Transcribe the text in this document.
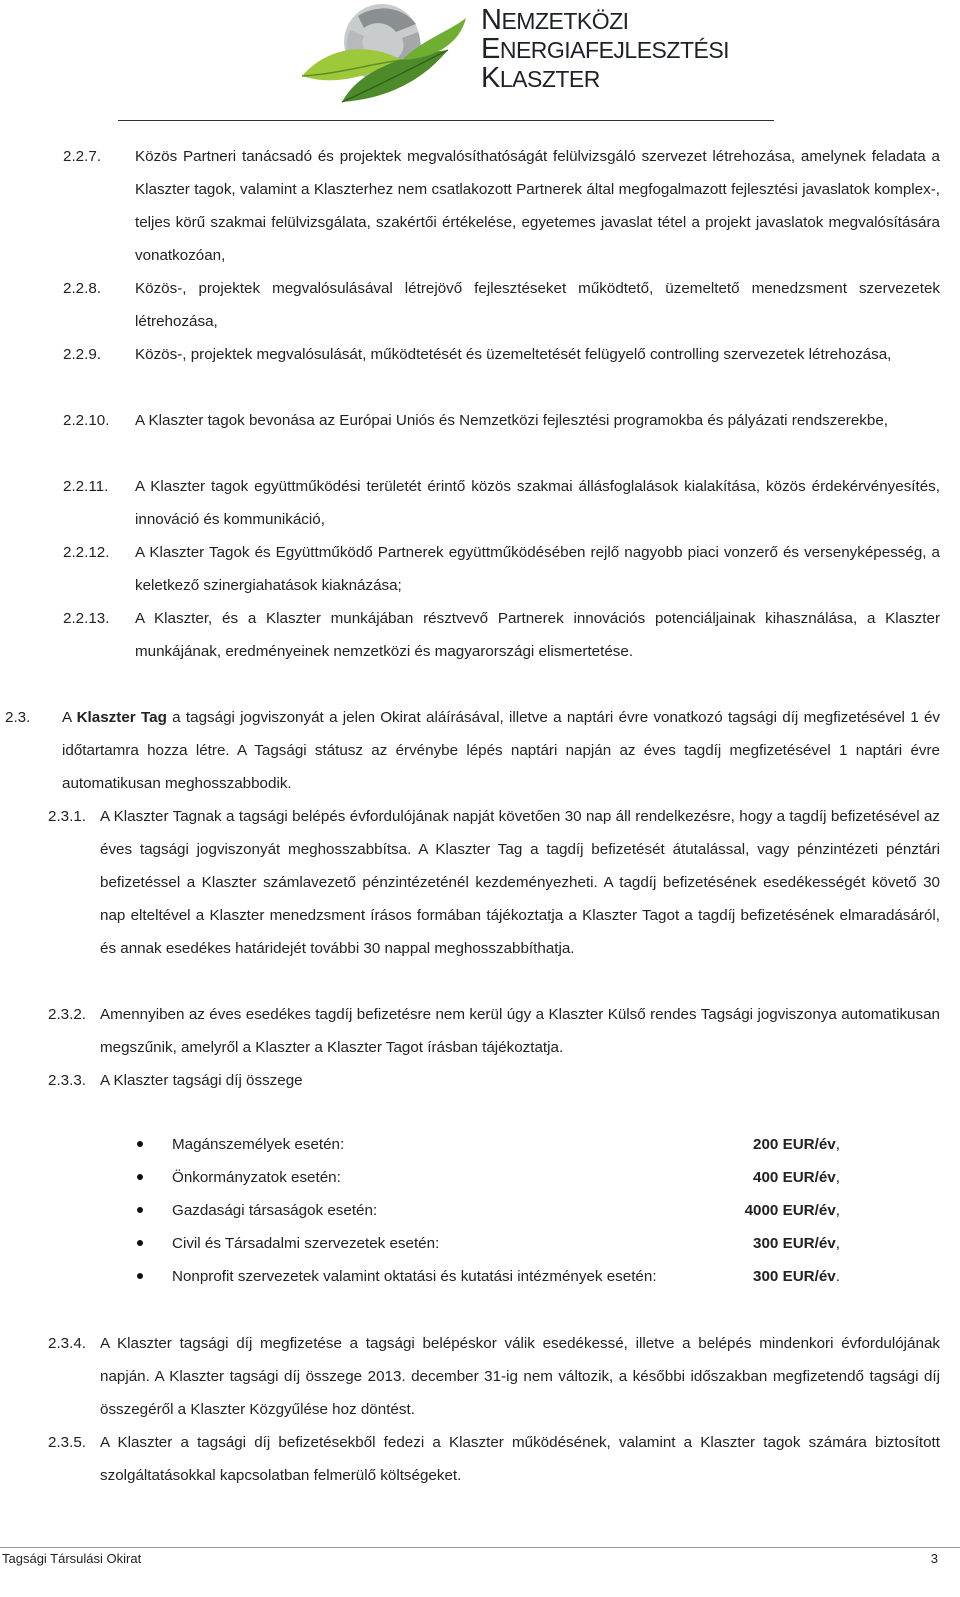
NEMZETKÖZI
ENERGIAFEJLESZTÉSI
KLASZTER
2.2.7.	Közös Partneri tanácsadó és projektek megvalósíthatóságát felülvizsgáló szervezet létrehozása, amelynek feladata a Klaszter tagok, valamint a Klaszterhez nem csatlakozott Partnerek által megfogalmazott fejlesztési javaslatok komplex-, teljes körű szakmai felülvizsgálata, szakértői értékelése, egyetemes javaslat tétel a projekt javaslatok megvalósítására vonatkozóan,
2.2.8.	Közös-, projektek megvalósulásával létrejövő fejlesztéseket működtető, üzemeltető menedzsment szervezetek létrehozása,
2.2.9.	Közös-, projektek megvalósulását, működtetését és üzemeltetését felügyelő controlling szervezetek létrehozása,
2.2.10.	A Klaszter tagok bevonása az Európai Uniós és Nemzetközi fejlesztési programokba és pályázati rendszerekbe,
2.2.11.	A Klaszter tagok együttműködési területét érintő közös szakmai állásfoglalások kialakítása, közös érdekérvényesítés, innováció és kommunikáció,
2.2.12.	A Klaszter Tagok és Együttműködő Partnerek együttműködésében rejlő nagyobb piaci vonzerő és versenyképesség, a keletkező szinergiahatások kiaknázása;
2.2.13.	A Klaszter, és a Klaszter munkájában résztvevő Partnerek innovációs potenciáljainak kihasználása, a Klaszter munkájának, eredményeinek nemzetközi és magyarországi elismertetése.
2.3.	A Klaszter Tag a tagsági jogviszonyát a jelen Okirat aláírásával, illetve a naptári évre vonatkozó tagsági díj megfizetésével 1 év időtartamra hozza létre. A Tagsági státusz az érvénybe lépés naptári napján az éves tagdíj megfizetésével 1 naptári évre automatikusan meghosszabbodik.
2.3.1. A Klaszter Tagnak a tagsági belépés évfordulójának napját követően 30 nap áll rendelkezésre, hogy a tagdíj befizetésével az éves tagsági jogviszonyát meghosszabbítsa. A Klaszter Tag a tagdíj befizetését átutalással, vagy pénzintézeti pénztári befizetéssel a Klaszter számlavezető pénzintézeténél kezdeményezheti. A tagdíj befizetésének esedékességét követő 30 nap elteltével a Klaszter menedzsment írásos formában tájékoztatja a Klaszter Tagot a tagdíj befizetésének elmaradásáról, és annak esedékes határidejét további 30 nappal meghosszabbíthatja.
2.3.2. Amennyiben az éves esedékes tagdíj befizetésre nem kerül úgy a Klaszter Külső rendes Tagsági jogviszonya automatikusan megszűnik, amelyről a Klaszter a Klaszter Tagot írásban tájékoztatja.
2.3.3. A Klaszter tagsági díj összege
2.3.4. A Klaszter tagsági díj megfizetése a tagsági belépéskor válik esedékessé, illetve a belépés mindenkori évfordulójának napján. A Klaszter tagsági díj összege 2013. december 31-ig nem változik, a későbbi időszakban megfizetendő tagsági díj összegéről a Klaszter Közgyűlése hoz döntést.
2.3.5. A Klaszter a tagsági díj befizetésekből fedezi a Klaszter működésének, valamint a Klaszter tagok számára biztosított szolgáltatásokkal kapcsolatban felmerülő költségeket.
Magánszemélyek esetén:	200 EUR/év,
Önkormányzatok esetén:	400 EUR/év,
Gazdasági társaságok esetén:	4000 EUR/év,
Civil és Társadalmi szervezetek esetén:	300 EUR/év,
Nonprofit szervezetek valamint oktatási és kutatási intézmények esetén:	300 EUR/év.
Tagsági Társulási Okirat	3
